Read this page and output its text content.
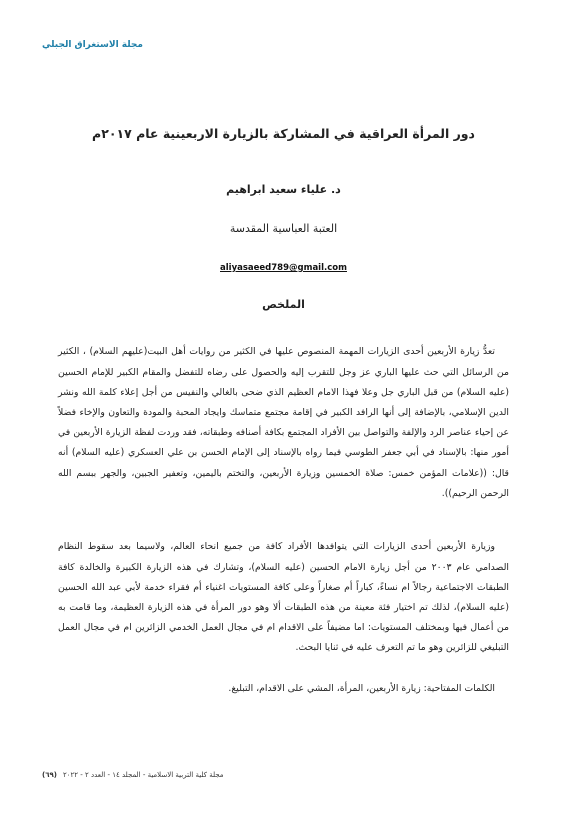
مجلة الاستغراق الجبلي
دور المرأة العراقية في المشاركة بالزيارة الاربعينية عام ٢٠١٧م
د. علياء سعيد ابراهيم
العتبة العباسية المقدسة
aliyasaeed789@gmail.com
الملخص

تعدُّ زيارة الأربعين أحدى الزيارات المهمة المنصوص عليها في الكثير من روايات أهل البيت(عليهم السلام) ، الكثير من الرسائل التي حث عليها الباري عز وجل للتقرب إليه والحصول على رضاه للتفضل والمقام الكبير للإمام الحسين (عليه السلام) من قبل الباري جل وعلا فهذا الامام العظيم الذي ضحى بالغالي والنفيس من أجل إعلاء كلمة الله ونشر الدين الإسلامي، بالإضافة إلى أنها الرافد الكبير في إقامة مجتمع متماسك وايجاد المحبة والمودة والتعاون والإخاء فضلاً عن إحياء عناصر الرد والإلفة والتواصل بين الأفراد المجتمع بكافة أصنافه وطبقاته، فقد وردت لفظة الزيارة الأربعين في أمور منها: بالإسناد في أبي جعفر الطوسي فيما رواه بالإسناد إلى الإمام الحسن بن علي العسكري (عليه السلام) أنه قال: ((علامات المؤمن خمس: صلاة الخمسين وزيارة الأربعين، والتختم باليمين، وتعفير الجبين، والجهر ببسم الله الرحمن الرحيم)).

وزيارة الأربعين أحدى الزيارات التي يتوافدها الأفراد كافة من جميع انحاء العالم، ولاسيما بعد سقوط النظام الصدامي عام ٢٠٠٣ من أجل زيارة الامام الحسين (عليه السلام)، وتشارك في هذه الزيارة الكبيرة والخالدة كافة الطبقات الاجتماعية رجالاً ام نساءً، كباراً أم صغاراً وعلى كافة المستويات اغنياء أم فقراء خدمة لأبي عبد الله الحسين (عليه السلام)، لذلك تم اختيار فئة معينة من هذه الطبقات ألا وهو دور المرأة في هذه الزيارة العظيمة، وما قامت به من أعمال فيها وبمختلف المستويات: اما مضيفاً على الاقدام ام في مجال العمل الخدمي الزائرين ام في مجال العمل التبليغي للزائرين وهو ما تم التعرف عليه في ثنايا البحث.

الكلمات المفتاحية: زيارة الأربعين، المرأة، المشي على الاقدام، التبليغ.
(٦٩) مجلة كلية التربية الاسلامية - المجلد ١٤ - العدد ٢ - ٢٠٢٢
